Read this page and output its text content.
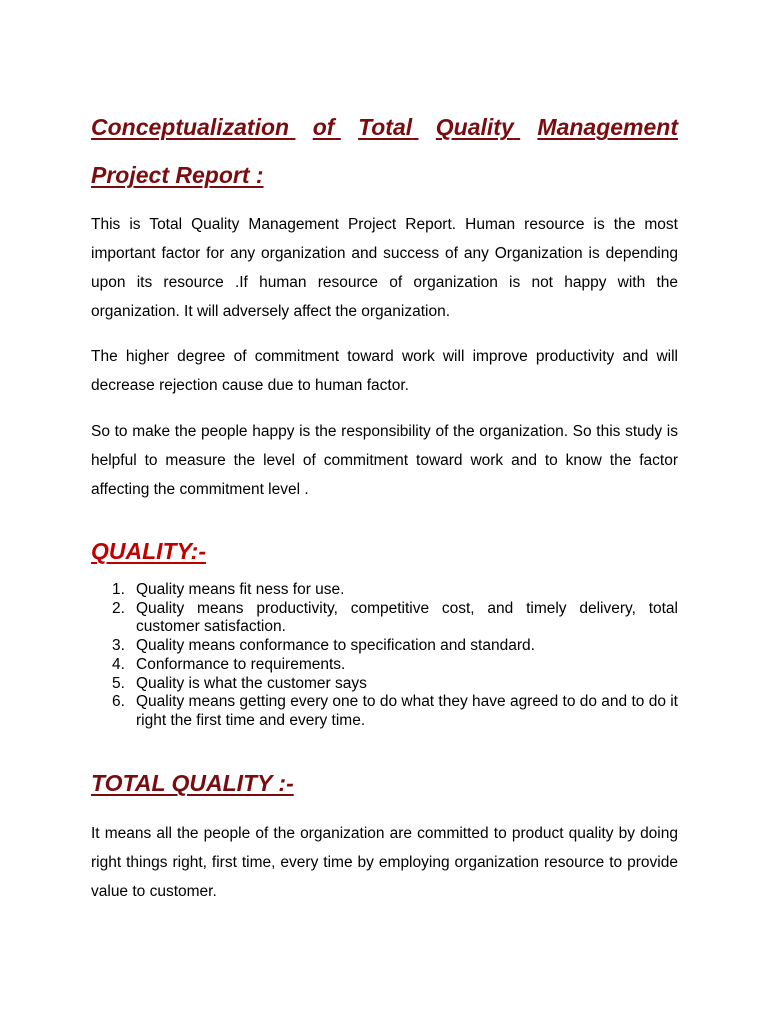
Conceptualization
of
Total
Quality
Management
Project Report :

This is Total Quality Management Project Report. Human resource is the most important factor for any organization and success of any Organization is depending upon its resource .If human resource of organization is not happy with the organization. It will adversely affect the organization.

The higher degree of commitment toward work will improve productivity and will decrease rejection cause due to human factor.

So to make the people happy is the responsibility of the organization. So this study is helpful to measure the level of commitment toward work and to know the factor affecting the commitment level .

QUALITY:-
1. Quality means fit ness for use.
2. Quality means productivity, competitive cost, and timely delivery, total customer satisfaction.
3. Quality means conformance to specification and standard.
4. Conformance to requirements.
5. Quality is what the customer says
6. Quality means getting every one to do what they have agreed to do and to do it right the first time and every time.
TOTAL QUALITY :-

It means all the people of the organization are committed to product quality by doing right things right, first time, every time by employing organization resource to provide value to customer.
